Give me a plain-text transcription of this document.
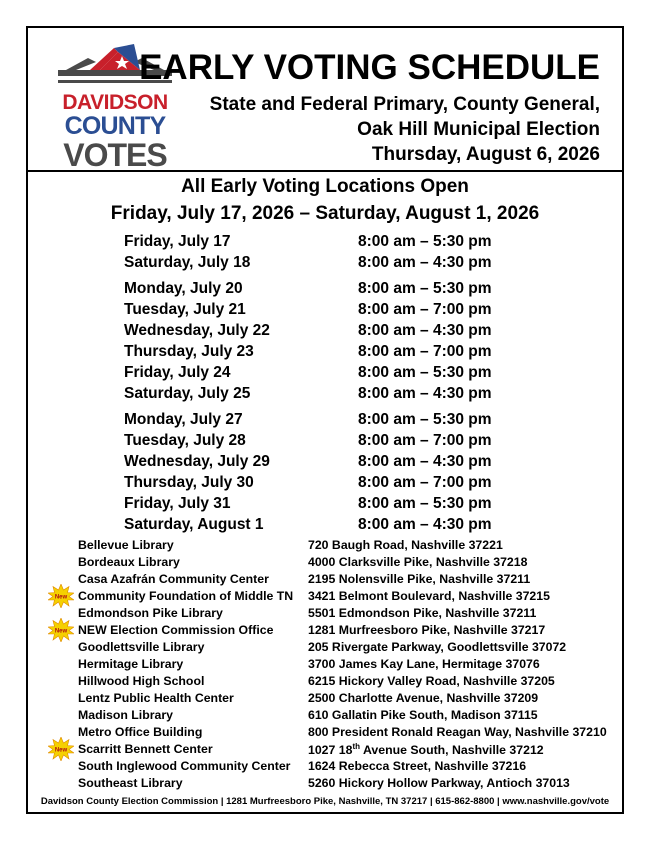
DAVIDSON
COUNTY
VOTES
EARLY VOTING SCHEDULE
State and Federal Primary, County General,
Oak Hill Municipal Election
Thursday, August 6, 2026
All Early Voting Locations Open
Friday, July 17, 2026 – Saturday, August 1, 2026
Friday, July 17	8:00 am – 5:30 pm
Saturday, July 18	8:00 am – 4:30 pm
Monday, July 20	8:00 am – 5:30 pm
Tuesday, July 21	8:00 am – 7:00 pm
Wednesday, July 22	8:00 am – 4:30 pm
Thursday, July 23	8:00 am – 7:00 pm
Friday, July 24	8:00 am – 5:30 pm
Saturday, July 25	8:00 am – 4:30 pm
Monday, July 27	8:00 am – 5:30 pm
Tuesday, July 28	8:00 am – 7:00 pm
Wednesday, July 29	8:00 am – 4:30 pm
Thursday, July 30	8:00 am – 7:00 pm
Friday, July 31	8:00 am – 5:30 pm
Saturday, August 1	8:00 am – 4:30 pm
Bellevue Library	720 Baugh Road, Nashville 37221
Bordeaux Library	4000 Clarksville Pike, Nashville 37218
Casa Azafrán Community Center	2195 Nolensville Pike, Nashville 37211
New Community Foundation of Middle TN 3421 Belmont Boulevard, Nashville 37215
Edmondson Pike Library	5501 Edmondson Pike, Nashville 37211
New NEW Election Commission Office	1281 Murfreesboro Pike, Nashville 37217
Goodlettsville Library	205 Rivergate Parkway, Goodlettsville 37072
Hermitage Library	3700 James Kay Lane, Hermitage 37076
Hillwood High School	6215 Hickory Valley Road, Nashville 37205
Lentz Public Health Center	2500 Charlotte Avenue, Nashville 37209
Madison Library	610 Gallatin Pike South, Madison 37115
Metro Office Building	800 President Ronald Reagan Way, Nashville 37210
New Scarritt Bennett Center	1027 18th Avenue South, Nashville 37212
South Inglewood Community Center 1624 Rebecca Street, Nashville 37216
Southeast Library	5260 Hickory Hollow Parkway, Antioch 37013
Davidson County Election Commission | 1281 Murfreesboro Pike, Nashville, TN 37217 | 615-862-8800 | www.nashville.gov/vote
